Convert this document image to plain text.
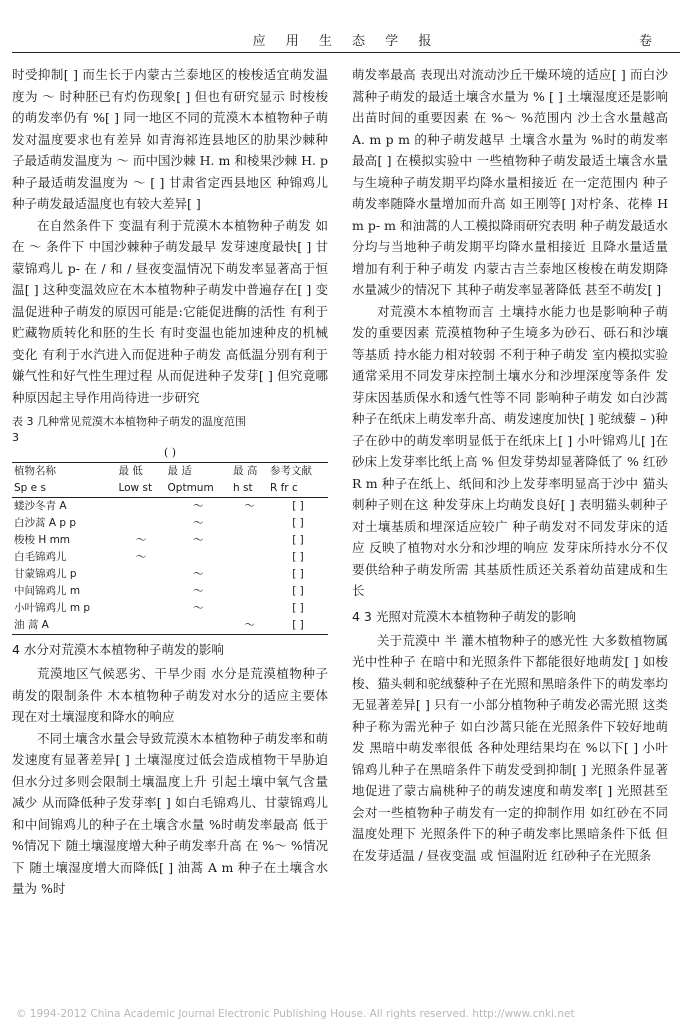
应 用 生 态 学 报	卷

时受抑制[ ] 而生长于内蒙古兰泰地区的梭梭适宜萌发温度为 ～ 时种胚已有灼伤现象[ ] 但也有研究显示 时梭梭的萌发率仍有 %[ ] 同一地区不同的荒漠木本植物种子萌发对温度要求也有差异 如青海祁连县地区的肋果沙棘种子最适萌发温度为 ～ 而中国沙棘 H. m 和棱果沙棘 H. p 种子最适萌发温度为 ～ [ ] 甘肃省定西县地区 种锦鸡儿种子萌发最适温度也有较大差异[ ]

在自然条件下 变温有利于荒漠木本植物种子萌发 如在 ～ 条件下 中国沙棘种子萌发最早 发芽速度最快[ ] 甘蒙锦鸡儿 p- 在 / 和 / 昼夜变温情况下萌发率显著高于恒温[ ] 这种变温效应在木本植物种子萌发中普遍存在[ ] 变温促进种子萌发的原因可能是:它能促进酶的活性 有利于贮藏物质转化和胚的生长 有时变温也能加速种皮的机械变化 有利于水汽进入而促进种子萌发 高低温分别有利于嫌气性和好气性生理过程 从而促进种子发芽[ ] 但究竟哪种原因起主导作用尚待进一步研究

表 3 几种常见荒漠木本植物种子萌发的温度范围
3
( )
植物名称	最 低	最 适	最 高	参考文献
Sp e s	Low st	Optmum	h st	R fr c
蝼沙冬青 A		～	～	[ ]
白沙蒿 A p p		～		[ ]
梭梭 H mm	～	～		[ ]
白毛锦鸡儿	～			[ ]
甘蒙锦鸡儿 p		～		[ ]
中间锦鸡儿 m		～		[ ]
小叶锦鸡儿 m p		～		[ ]
油 蒿 A			～	[ ]
4 水分对荒漠木本植物种子萌发的影响

荒漠地区气候恶劣、干旱少雨 水分是荒漠植物种子萌发的限制条件 木本植物种子萌发对水分的适应主要体现在对土壤湿度和降水的响应

不同土壤含水量会导致荒漠木本植物种子萌发率和萌发速度有显著差异[ ] 土壤湿度过低会造成植物干旱胁迫 但水分过多则会限制土壤温度上升 引起土壤中氧气含量减少 从而降低种子发芽率[ ] 如白毛锦鸡儿、甘蒙锦鸡儿和中间锦鸡儿的种子在土壤含水量 %时萌发率最高 低于 %情况下 随土壤湿度增大种子萌发率升高 在 %～ %情况下 随土壤湿度增大而降低[ ] 油蒿 A m 种子在土壤含水量为 %时

萌发率最高 表现出对流动沙丘干燥环境的适应[ ] 而白沙蒿种子萌发的最适土壤含水量为 % [ ] 土壤湿度还是影响出苗时间的重要因素 在 %～ %范围内 沙土含水量越高 A. m p m 的种子萌发越早 土壤含水量为 %时的萌发率最高[ ] 在模拟实验中 一些植物种子萌发最适土壤含水量与生境种子萌发期平均降水量相接近 在一定范围内 种子萌发率随降水量增加而升高 如王刚等[ ]对柠条、花棒 H m p- m 和油蒿的人工模拟降雨研究表明 种子萌发最适水分均与当地种子萌发期平均降水量相接近 且降水量适量增加有利于种子萌发 内蒙古吉兰泰地区梭梭在萌发期降水量减少的情况下 其种子萌发率显著降低 甚至不萌发[ ]

对荒漠木本植物而言 土壤持水能力也是影响种子萌发的重要因素 荒漠植物种子生境多为砂石、砾石和沙壤等基质 持水能力相对较弱 不利于种子萌发 室内模拟实验通常采用不同发芽床控制土壤水分和沙埋深度等条件 发芽床因基质保水和透气性等不同 影响种子萌发 如白沙蒿种子在纸床上萌发率升高、萌发速度加快[ ] 驼绒藜 – )种子在砂中的萌发率明显低于在纸床上[ ] 小叶锦鸡儿[ ]在砂床上发芽率比纸上高 % 但发芽势却显著降低了 % 红砂 R m 种子在纸上、纸间和沙上发芽率明显高于沙中 猫头刺种子则在这 种发芽床上均萌发良好[ ] 表明猫头刺种子对土壤基质和埋深适应较广 种子萌发对不同发芽床的适应 反映了植物对水分和沙埋的响应 发芽床所持水分不仅要供给种子萌发所需 其基质性质还关系着幼苗建成和生长

4 3 光照对荒漠木本植物种子萌发的影响

关于荒漠中 半 灌木植物种子的感光性 大多数植物属光中性种子 在暗中和光照条件下都能很好地萌发[ ] 如梭梭、猫头刺和驼绒藜种子在光照和黑暗条件下的萌发率均无显著差异[ ] 只有一小部分植物种子萌发必需光照 这类种子称为需光种子 如白沙蒿只能在光照条件下较好地萌发 黑暗中萌发率很低 各种处理结果均在 %以下[ ] 小叶锦鸡儿种子在黑暗条件下萌发受到抑制[ ] 光照条件显著地促进了蒙古扁桃种子的萌发速度和萌发率[ ] 光照甚至会对一些植物种子萌发有一定的抑制作用 如红砂在不同温度处理下 光照条件下的种子萌发率比黑暗条件下低 但在发芽适温 / 昼夜变温 或 恒温附近 红砂种子在光照条

© 1994-2012 China Academic Journal Electronic Publishing House. All rights reserved. http://www.cnki.net
